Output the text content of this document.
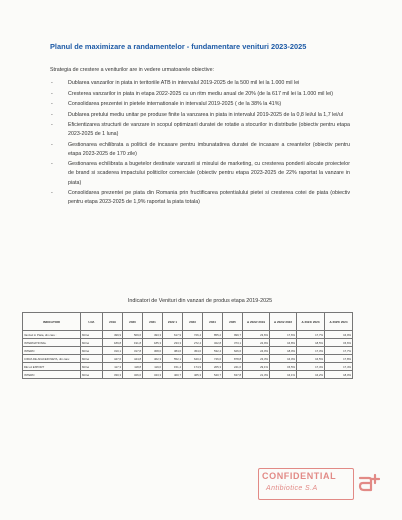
Planul de maximizare a randamentelor - fundamentare venituri 2023-2025
Strategia de crestere a veniturilor are in vedere urmatoarele obiective:
-	Dublarea vanzarilor in piata in teritoriile ATB in intervalul 2019-2025 de la 500 mil lei la 1.000 mil lei
-	Cresterea vanzarilor in piata in etapa 2022-2025 cu un ritm mediu anual de 20% (de la 617 mil lei la 1.000 mil lei)
-	Consolidarea prezentei in pietele internationale in intervalul 2019-2025 ( de la 38% la 41%)
-	Dublarea pretului mediu unitar pe produse finite la vanzarea in piata in intervalul 2019-2025 de la 0,8 lei/ul la 1,7 lei/ul
-	Eficientizarea structurii de vanzare in scopul optimizarii duratei de rotatie a stocurilor in distributie (obiectiv pentru etapa 2023-2025 de 1 luna)
-	Gestionarea echilibrata a politicii de incasare pentru imbunatatirea duratei de incasare a creantelor (obiectiv pentru etapa 2023-2025 de 170 zile)
-	Gestionarea echilibrata a bugetelor destinate vanzarii si mixului de marketing, cu cresterea ponderii alocate proiectelor de brand si scaderea impactului politicilor comerciale (obiectiv pentru etapa 2023-2025 de 22% raportat la vanzare in piata)
-	Consolidarea prezentei pe piata din Romania prin fructificarea potentialului pietei si cresterea cotei de piata (obiectiv pentru etapa 2023-2025 de 1,9% raportat la piata totala)
Indicatori de Venituri din vanzari de produs etapa 2019-2025
INDICATORI	U.M.	2019	2020	2021	2022 1	2023	2024	2025	Δ 2022/ 2019	Δ 2023/ 2022	Δ 2024/ 2023	Δ 2025/ 2024
Vanzari in Piata, din care :	Mil lei	499,9	509,6	493,3	617,9	726,4	855,2	999,7	23,6%	17,6%	17,7%	16,9%
INTERNATIONAL	Mil lei	189,8	191,8	185,3	233,3	272,4	322,8	373,1	22,9%	16,8%	18,5%	15,6%
INTERN	Mil lei	310,1	317,8	308,0	384,6	454,0	532,4	626,6	24,0%	18,0%	17,3%	17,7%
CIFRA DE AFACERI NETA, din care:	Mil lei	447,6	444,8	462,3	552,1	640,2	746,0	878,8	23,3%	16,0%	16,5%	17,8%
DE LA EXPORT	Mil lei	117,3	118,8	119,0	151,4	174,9	205,3	241,0	29,1%	15,5%	17,4%	17,4%
INTERN	Mil lei	330,3	326,0	343,3	400,7	465,3	540,7	637,8	21,3%	16,1%	16,2%	18,0%
CONFIDENTIAL
Antibiotice S.A
